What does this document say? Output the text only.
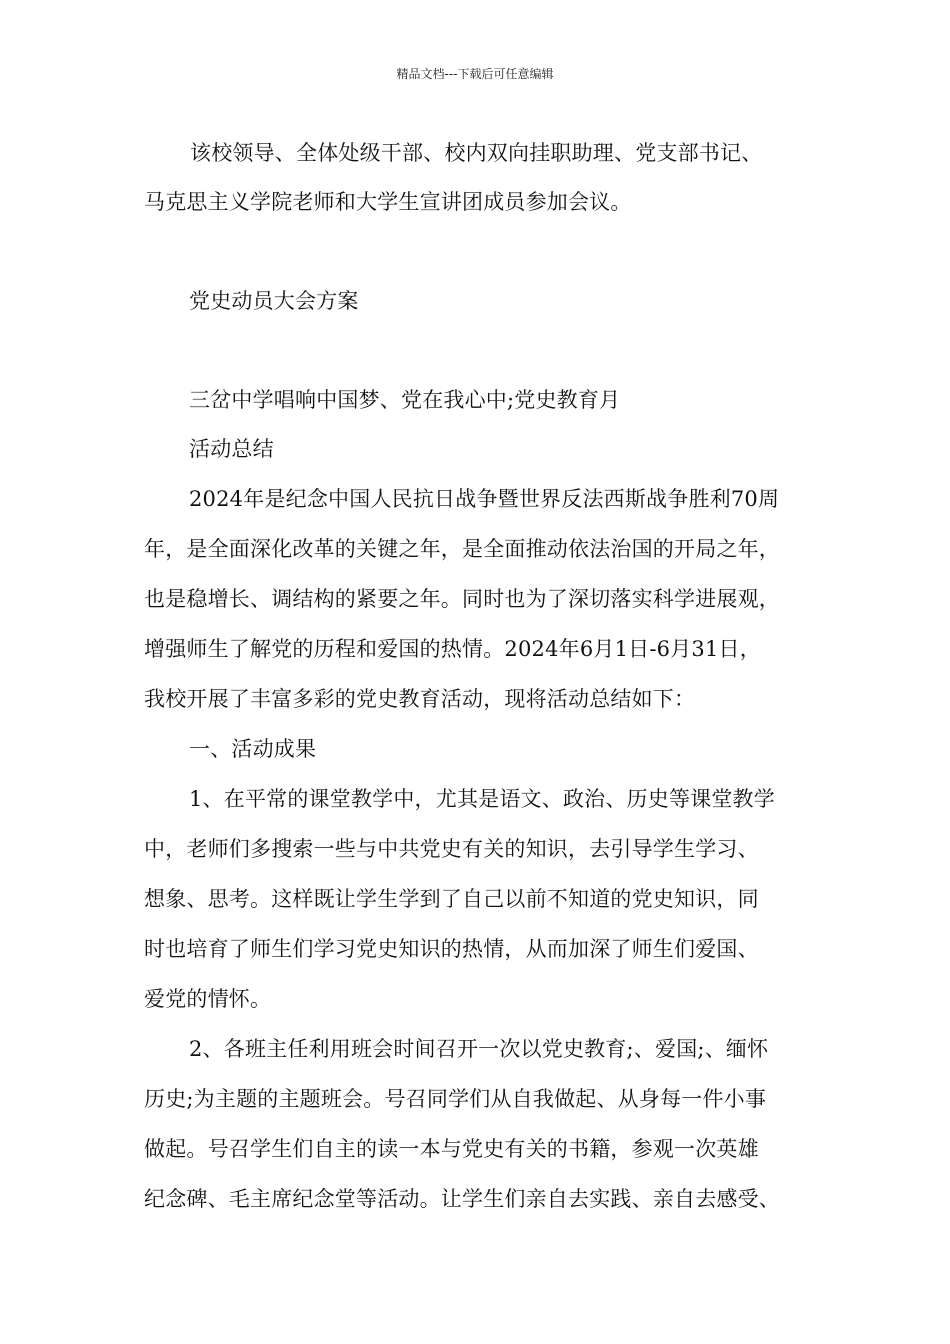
精品文档---下载后可任意编辑
该校领导、全体处级干部、校内双向挂职助理、党支部书记、
马克思主义学院老师和大学生宣讲团成员参加会议。
党史动员大会方案
三岔中学唱响中国梦、党在我心中;党史教育月
活动总结
2024年是纪念中国人民抗日战争暨世界反法西斯战争胜利70周
年，是全面深化改革的关键之年，是全面推动依法治国的开局之年，
也是稳增长、调结构的紧要之年。同时也为了深切落实科学进展观，
增强师生了解党的历程和爱国的热情。2024年6月1日-6月31日，
我校开展了丰富多彩的党史教育活动，现将活动总结如下：
一、活动成果
1、在平常的课堂教学中，尤其是语文、政治、历史等课堂教学
中，老师们多搜索一些与中共党史有关的知识，去引导学生学习、
想象、思考。这样既让学生学到了自己以前不知道的党史知识，同
时也培育了师生们学习党史知识的热情，从而加深了师生们爱国、
爱党的情怀。
2、各班主任利用班会时间召开一次以党史教育;、爱国;、缅怀
历史;为主题的主题班会。号召同学们从自我做起、从身每一件小事
做起。号召学生们自主的读一本与党史有关的书籍，参观一次英雄
纪念碑、毛主席纪念堂等活动。让学生们亲自去实践、亲自去感受、
